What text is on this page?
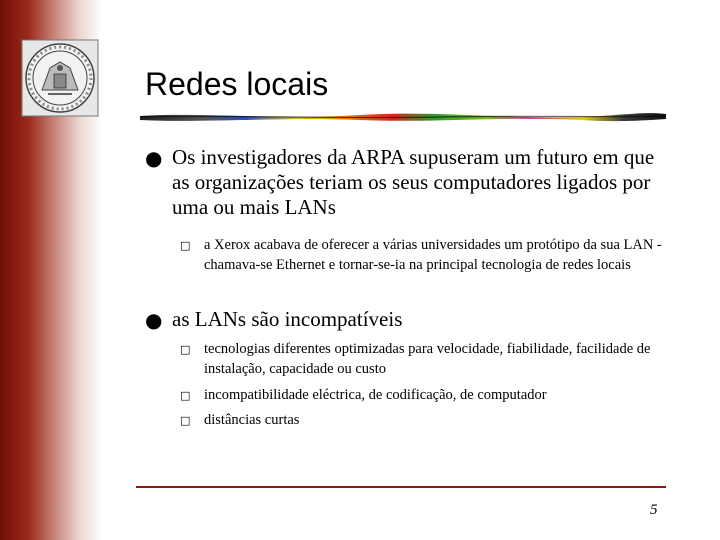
Redes locais
● Os investigadores da ARPA supuseram um futuro em que as organizações teriam os seus computadores ligados por uma ou mais LANs
□ a Xerox acabava de oferecer a várias universidades um protótipo da sua LAN - chamava-se Ethernet e tornar-se-ia na principal tecnologia de redes locais
● as LANs são incompatíveis
□ tecnologias diferentes optimizadas para velocidade, fiabilidade, facilidade de instalação, capacidade ou custo
□ incompatibilidade eléctrica, de codificação, de computador
□ distâncias curtas
5
